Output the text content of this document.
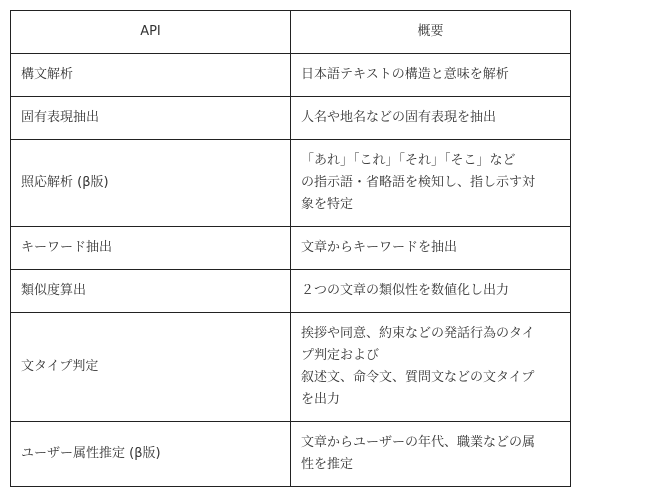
API	概要
構文解析	日本語テキストの構造と意味を解析

固有表現抽出	人名や地名などの固有表現を抽出

照応解析 (β版)	「あれ」「これ」「それ」「そこ」など
の指示語・省略語を検知し、指し示す対
象を特定

キーワード抽出	文章からキーワードを抽出

類似度算出	２つの文章の類似性を数値化し出力

文タイプ判定	挨拶や同意、約束などの発話行為のタイ
プ判定および
叙述文、命令文、質問文などの文タイプ
を出力

ユーザー属性推定 (β版)	文章からユーザーの年代、職業などの属
性を推定
